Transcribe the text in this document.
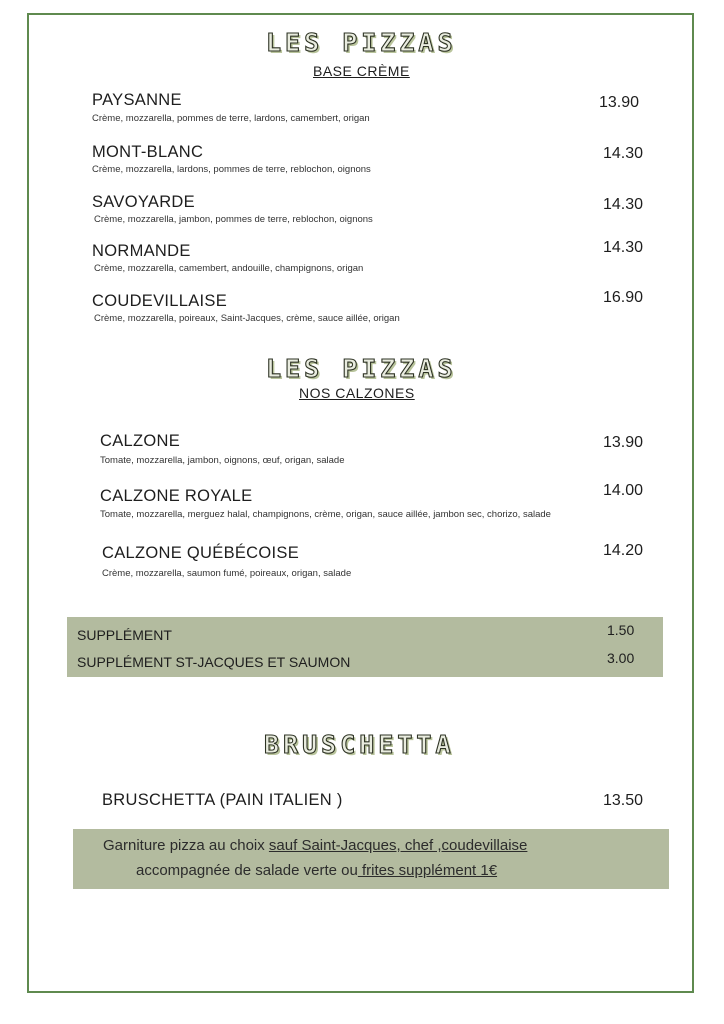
LES PIZZAS
BASE CRÈME
PAYSANNE
Crème, mozzarella, pommes de terre, lardons, camembert, origan
13.90
MONT-BLANC
Crème, mozzarella, lardons, pommes de terre, reblochon, oignons
14.30
SAVOYARDE
Crème, mozzarella, jambon, pommes de terre, reblochon, oignons
14.30
NORMANDE
Crème, mozzarella, camembert, andouille, champignons, origan
14.30
COUDEVILLAISE
Crème, mozzarella, poireaux, Saint-Jacques, crème, sauce aillée, origan
16.90
LES PIZZAS
NOS CALZONES
CALZONE
Tomate, mozzarella, jambon, oignons, œuf, origan, salade
13.90
CALZONE ROYALE
Tomate, mozzarella, merguez halal, champignons, crème, origan, sauce aillée, jambon sec, chorizo, salade
14.00
CALZONE QUÉBÉCOISE
Crème, mozzarella, saumon fumé, poireaux, origan, salade
14.20
SUPPLÉMENT	1.50
SUPPLÉMENT ST-JACQUES ET SAUMON	3.00
BRUSCHETTA
BRUSCHETTA (PAIN ITALIEN )	13.50
Garniture pizza au choix sauf Saint-Jacques, chef ,coudevillaise
accompagnée de salade verte ou frites supplément 1€
